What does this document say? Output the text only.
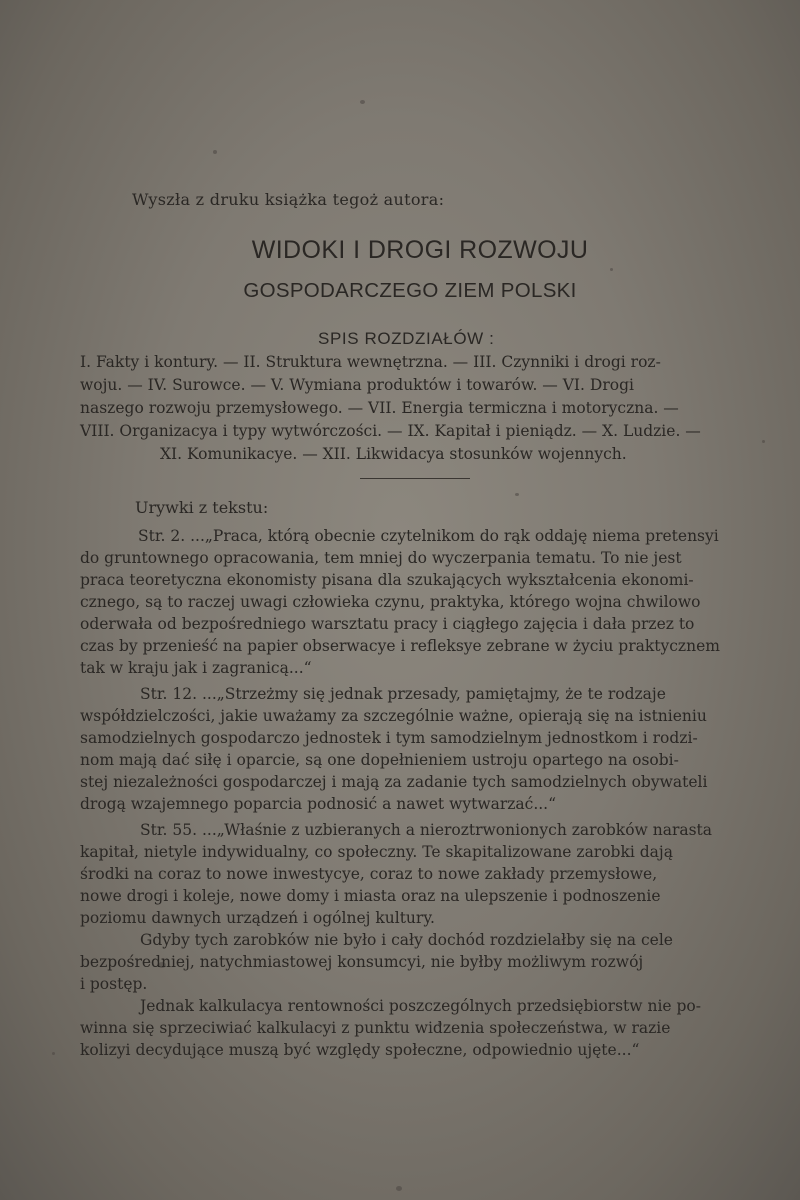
Wyszła z druku książka tegoż autora:
WIDOKI I DROGI ROZWOJU
GOSPODARCZEGO ZIEM POLSKI
SPIS ROZDZIAŁÓW :
I. Fakty i kontury. — II. Struktura wewnętrzna. — III. Czynniki i drogi roz-
woju. — IV. Surowce. — V. Wymiana produktów i towarów. — VI. Drogi
naszego rozwoju przemysłowego. — VII. Energia termiczna i motoryczna. —
VIII. Organizacya i typy wytwórczości. — IX. Kapitał i pieniądz. — X. Ludzie. —
XI. Komunikacye. — XII. Likwidacya stosunków wojennych.
Urywki z tekstu:
Str. 2. ...„Praca, którą obecnie czytelnikom do rąk oddaję niema pretensyi
do gruntownego opracowania, tem mniej do wyczerpania tematu. To nie jest
praca teoretyczna ekonomisty pisana dla szukających wykształcenia ekonomi-
cznego, są to raczej uwagi człowieka czynu, praktyka, którego wojna chwilowo
oderwała od bezpośredniego warsztatu pracy i ciągłego zajęcia i dała przez to
czas by przenieść na papier obserwacye i refleksye zebrane w życiu praktycznem
tak w kraju jak i zagranicą...“
Str. 12. ...„Strzeżmy się jednak przesady, pamiętajmy, że te rodzaje
współdzielczości, jakie uważamy za szczególnie ważne, opierają się na istnieniu
samodzielnych gospodarczo jednostek i tym samodzielnym jednostkom i rodzi-
nom mają dać siłę i oparcie, są one dopełnieniem ustroju opartego na osobi-
stej niezależności gospodarczej i mają za zadanie tych samodzielnych obywateli
drogą wzajemnego poparcia podnosić a nawet wytwarzać...“
Str. 55. ...„Właśnie z uzbieranych a nieroztrwonionych zarobków narasta
kapitał, nietyle indywidualny, co społeczny. Te skapitalizowane zarobki dają
środki na coraz to nowe inwestycye, coraz to nowe zakłady przemysłowe,
nowe drogi i koleje, nowe domy i miasta oraz na ulepszenie i podnoszenie
poziomu dawnych urządzeń i ogólnej kultury.
Gdyby tych zarobków nie było i cały dochód rozdzielałby się na cele
bezpośredniej, natychmiastowej konsumcyi, nie byłby możliwym rozwój
i postęp.
Jednak kalkulacya rentowności poszczególnych przedsiębiorstw nie po-
winna się sprzeciwiać kalkulacyi z punktu widzenia społeczeństwa, w razie
kolizyi decydujące muszą być względy społeczne, odpowiednio ujęte...“
